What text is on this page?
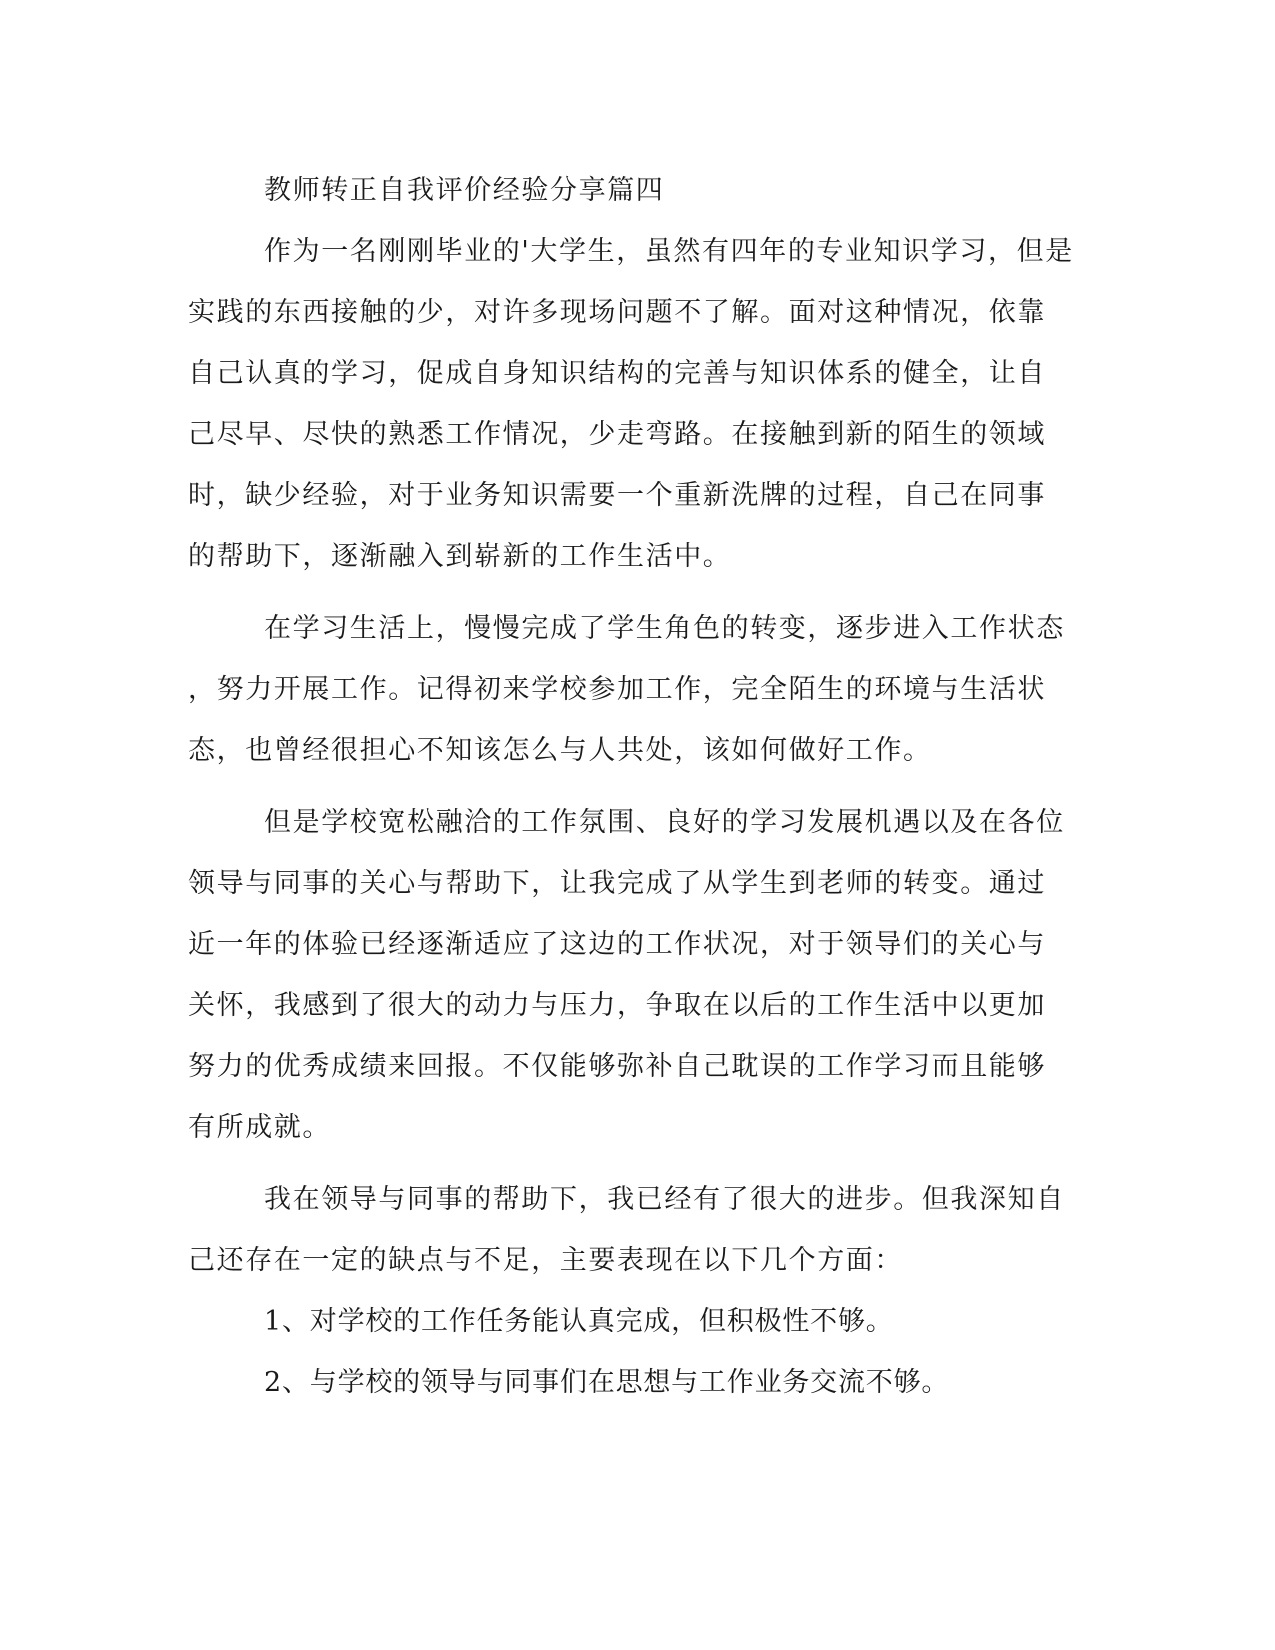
教师转正自我评价经验分享篇四
作为一名刚刚毕业的'大学生，虽然有四年的专业知识学习，但是
实践的东西接触的少，对许多现场问题不了解。面对这种情况，依靠
自己认真的学习，促成自身知识结构的完善与知识体系的健全，让自
己尽早、尽快的熟悉工作情况，少走弯路。在接触到新的陌生的领域
时，缺少经验，对于业务知识需要一个重新洗牌的过程，自己在同事
的帮助下，逐渐融入到崭新的工作生活中。
在学习生活上，慢慢完成了学生角色的转变，逐步进入工作状态
，努力开展工作。记得初来学校参加工作，完全陌生的环境与生活状
态，也曾经很担心不知该怎么与人共处，该如何做好工作。
但是学校宽松融洽的工作氛围、良好的学习发展机遇以及在各位
领导与同事的关心与帮助下，让我完成了从学生到老师的转变。通过
近一年的体验已经逐渐适应了这边的工作状况，对于领导们的关心与
关怀，我感到了很大的动力与压力，争取在以后的工作生活中以更加
努力的优秀成绩来回报。不仅能够弥补自己耽误的工作学习而且能够
有所成就。
我在领导与同事的帮助下，我已经有了很大的进步。但我深知自
己还存在一定的缺点与不足，主要表现在以下几个方面：
1、对学校的工作任务能认真完成，但积极性不够。
2、与学校的领导与同事们在思想与工作业务交流不够。
